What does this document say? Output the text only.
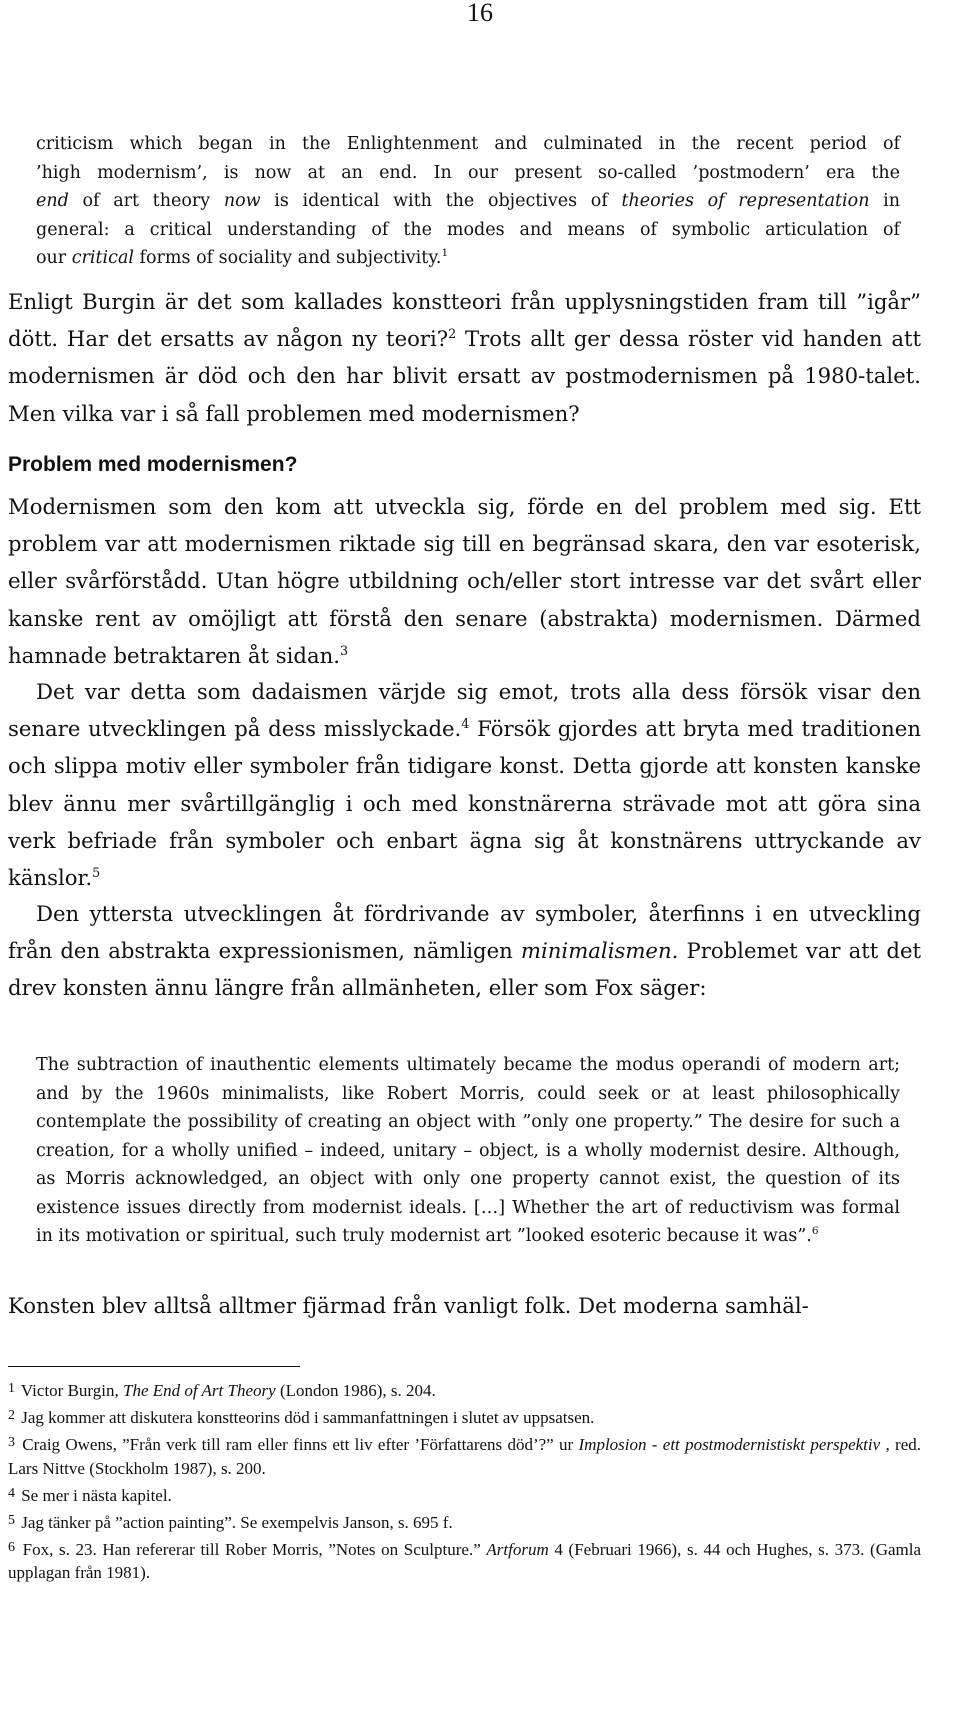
16
criticism which began in the Enlightenment and culminated in the recent period of
’high modernism’, is now at an end. In our present so-called ’postmodern’ era the
end of art theory now is identical with the objectives of theories of representation in
general: a critical understanding of the modes and means of symbolic articulation of
our critical forms of sociality and subjectivity.$^1$

Enligt Burgin är det som kallades konstteori från upplysningstiden fram till ”igår” dött. Har det ersatts av någon ny teori?$^2$ Trots allt ger dessa röster vid handen att modernismen är död och den har blivit ersatt av postmodernismen på 1980-talet. Men vilka var i så fall problemen med modernismen?

Problem med modernismen?

Modernismen som den kom att utveckla sig, förde en del problem med sig. Ett problem var att modernismen riktade sig till en begränsad skara, den var esoterisk, eller svårförstådd. Utan högre utbildning och/eller stort intresse var det svårt eller kanske rent av omöjligt att förstå den senare (abstrakta) modernismen. Därmed hamnade betraktaren åt sidan.$^3$

Det var detta som dadaismen värjde sig emot, trots alla dess försök visar den senare utvecklingen på dess misslyckade.$^4$ Försök gjordes att bryta med traditionen och slippa motiv eller symboler från tidigare konst. Detta gjorde att konsten kanske blev ännu mer svårtillgänglig i och med konstnärerna strävade mot att göra sina verk befriade från symboler och enbart ägna sig åt konstnärens uttryckande av känslor.$^5$

Den yttersta utvecklingen åt fördrivande av symboler, återfinns i en utveckling från den abstrakta expressionismen, nämligen minimalismen. Problemet var att det drev konsten ännu längre från allmänheten, eller som Fox säger:

The subtraction of inauthentic elements ultimately became the modus operandi of modern art; and by the 1960s minimalists, like Robert Morris, could seek or at least philosophically contemplate the possibility of creating an object with ”only one property.” The desire for such a creation, for a wholly unified – indeed, unitary – object, is a wholly modernist desire. Although, as Morris acknowledged, an object with only one property cannot exist, the question of its existence issues directly from modernist ideals. […] Whether the art of reductivism was formal in its motivation or spiritual, such truly modernist art ”looked esoteric because it was”.$^6$

Konsten blev alltså alltmer fjärmad från vanligt folk. Det moderna samhäl-

$^1$ Victor Burgin, The End of Art Theory (London 1986), s. 204.

$^2$ Jag kommer att diskutera konstteorins död i sammanfattningen i slutet av uppsatsen.

$^3$ Craig Owens, ”Från verk till ram eller finns ett liv efter ’Författarens död’?” ur Implosion - ett postmodernistiskt perspektiv , red. Lars Nittve (Stockholm 1987), s. 200.

$^4$ Se mer i nästa kapitel.

$^5$ Jag tänker på ”action painting”. Se exempelvis Janson, s. 695 f.

$^6$ Fox, s. 23. Han refererar till Rober Morris, ”Notes on Sculpture.” Artforum 4 (Februari 1966), s. 44 och Hughes, s. 373. (Gamla upplagan från 1981).
